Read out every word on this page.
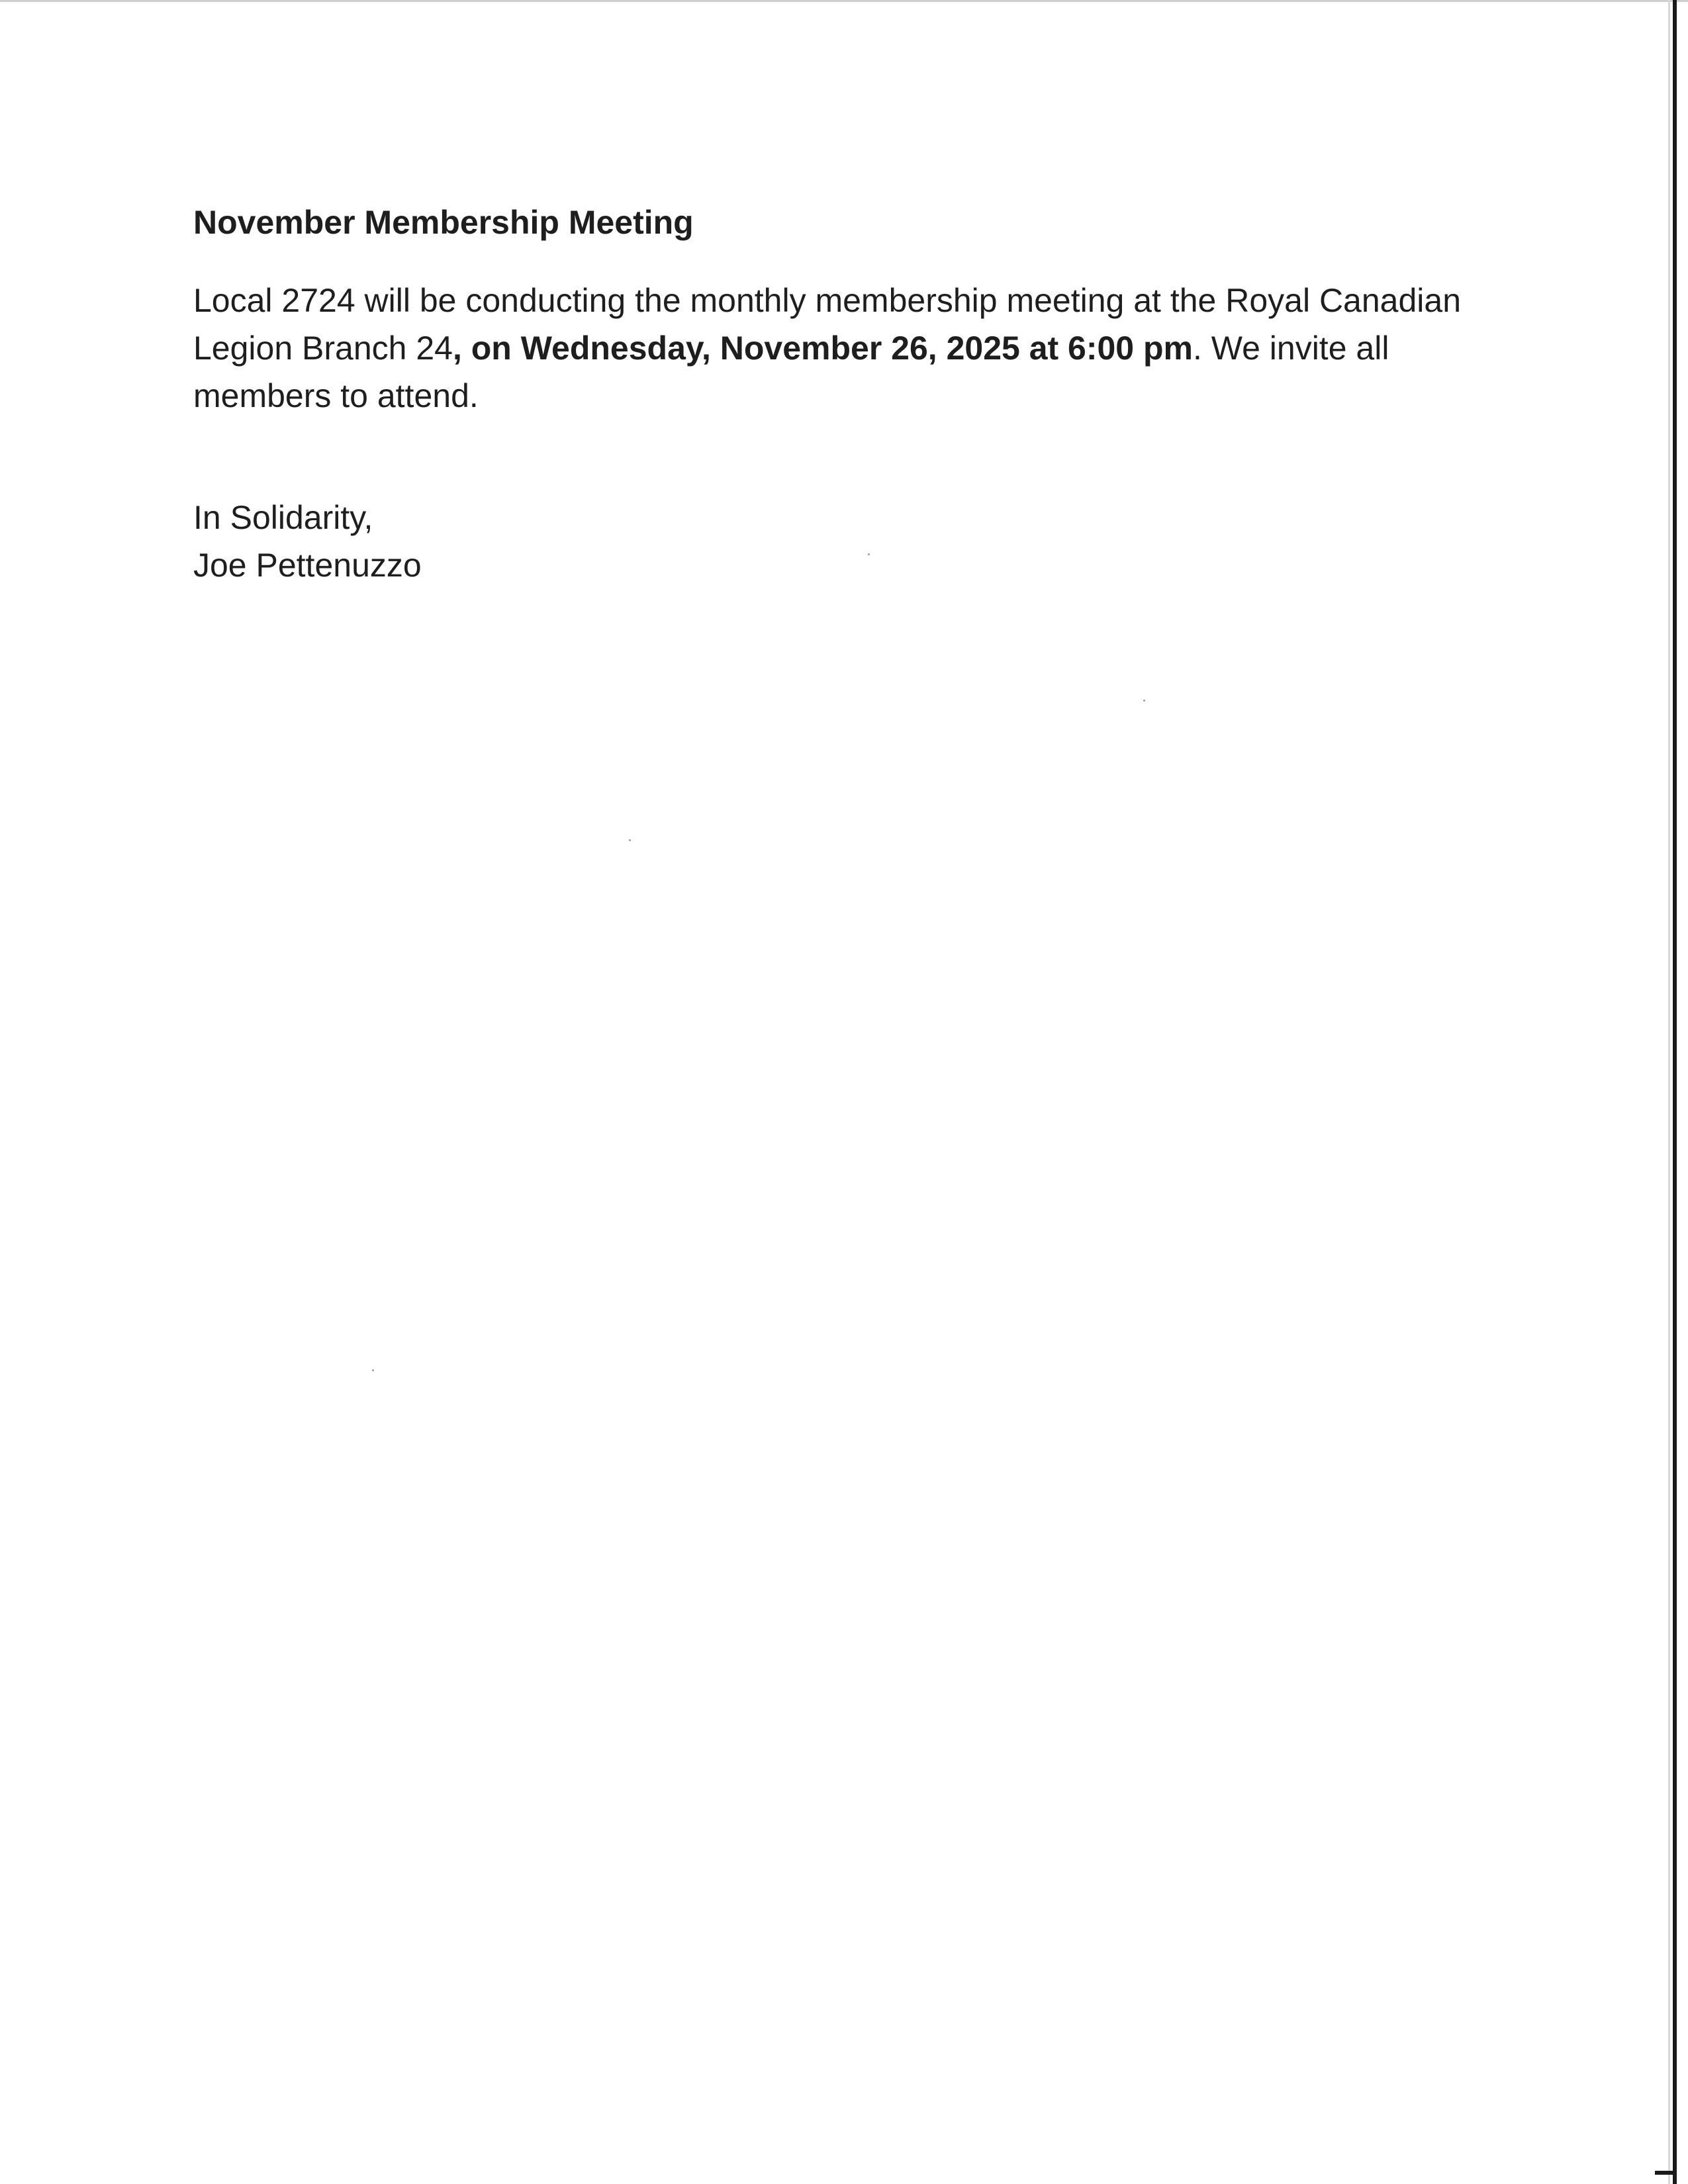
November Membership Meeting

Local 2724 will be conducting the monthly membership meeting at the Royal Canadian Legion Branch 24, on Wednesday, November 26, 2025 at 6:00 pm. We invite all members to attend.

In Solidarity,

Joe Pettenuzzo
